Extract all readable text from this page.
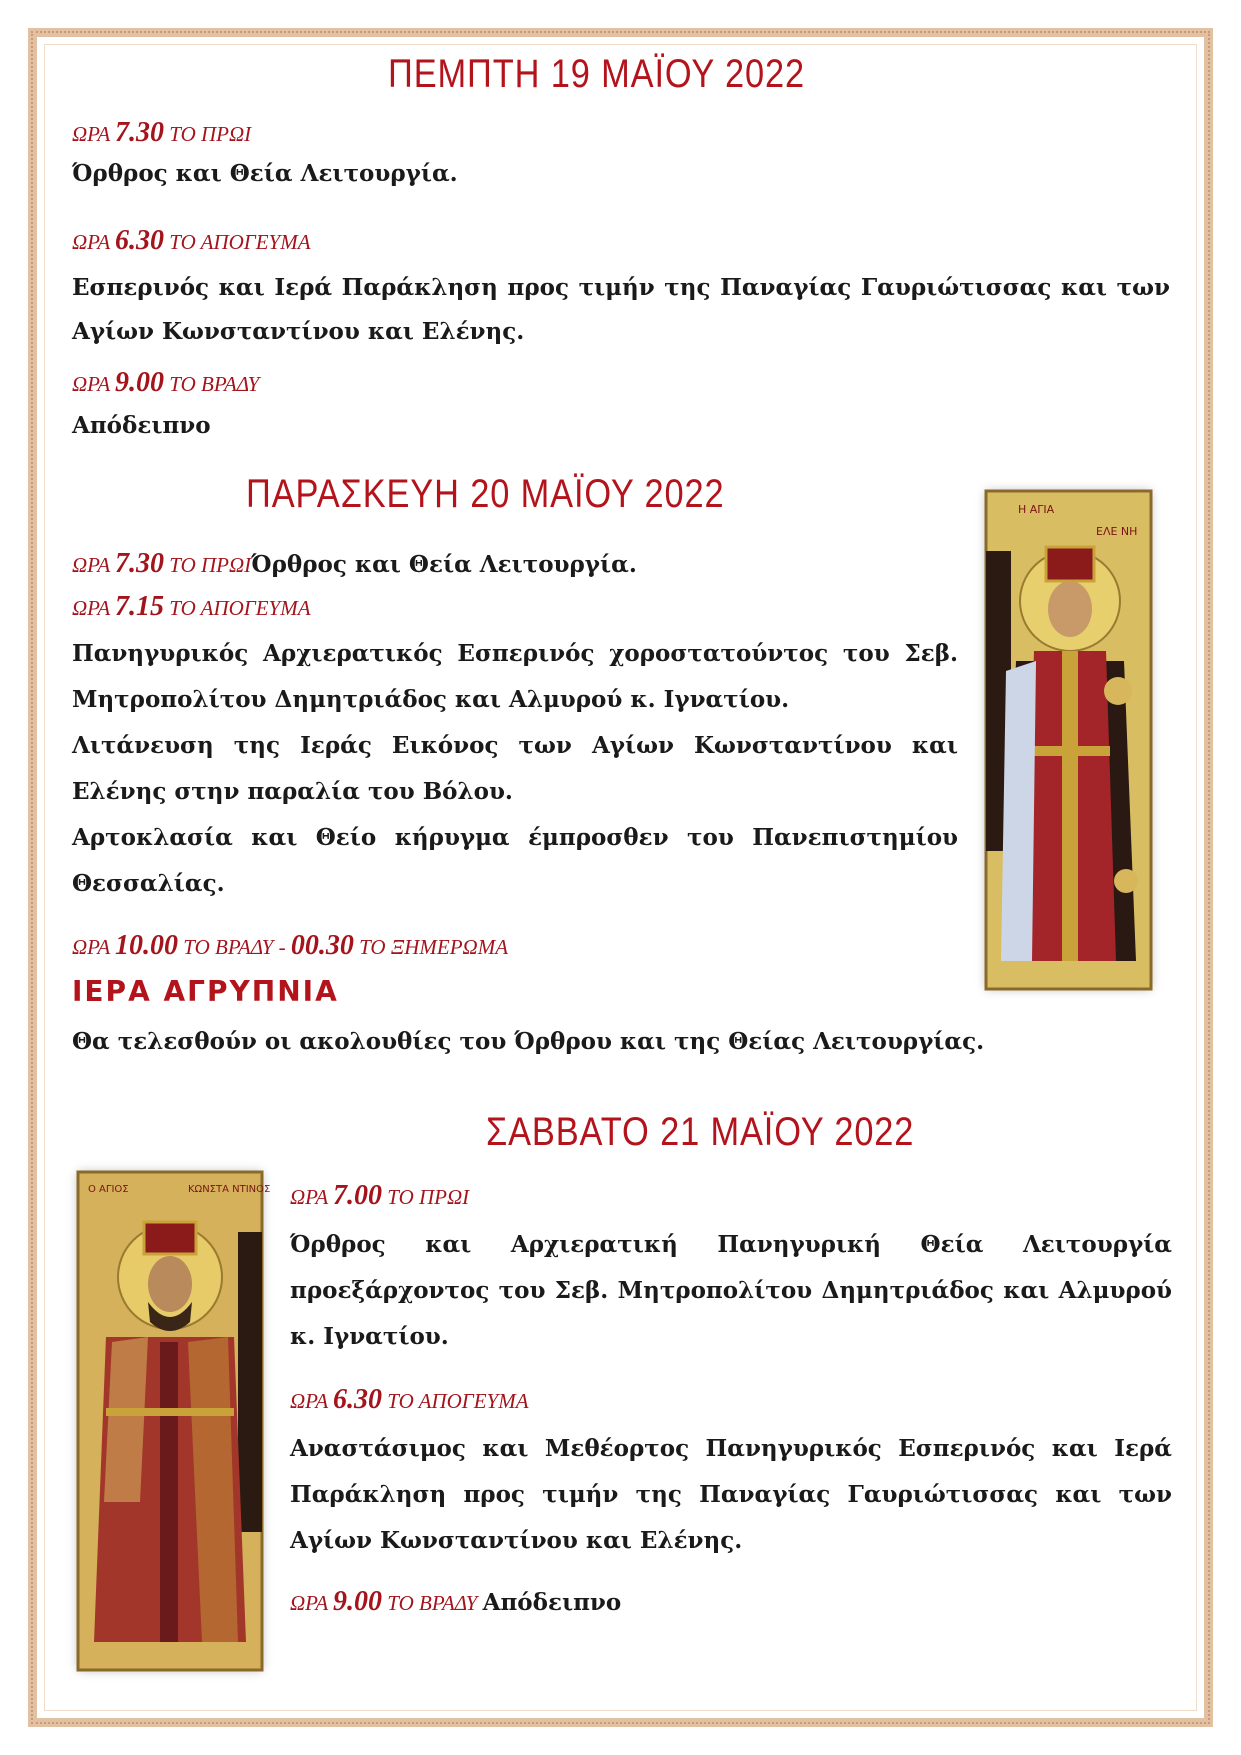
ΠΕΜΠΤΗ 19 ΜΑΪΟΥ 2022

ΩΡΑ 7.30 ΤΟ ΠΡΩΙ

Όρθρος και Θεία Λειτουργία.

ΩΡΑ 6.30 ΤΟ ΑΠΟΓΕΥΜΑ

Εσπερινός και Ιερά Παράκληση προς τιμήν της Παναγίας Γαυριώτισσας και των Αγίων Κωνσταντίνου και Ελένης.

ΩΡΑ 9.00 ΤΟ ΒΡΑΔΥ

Απόδειπνο

ΠΑΡΑΣΚΕΥΗ 20 ΜΑΪΟΥ 2022

ΩΡΑ 7.30 ΤΟ ΠΡΩΙΌρθρος και Θεία Λειτουργία.

ΩΡΑ 7.15 ΤΟ ΑΠΟΓΕΥΜΑ

Πανηγυρικός Αρχιερατικός Εσπερινός χοροστατούντος του Σεβ. Μητροπολίτου Δημητριάδος και Αλμυρού κ. Ιγνατίου.
Λιτάνευση της Ιεράς Εικόνος των Αγίων Κωνσταντίνου και Ελένης στην παραλία του Βόλου.
Αρτοκλασία και Θείο κήρυγμα έμπροσθεν του Πανεπιστημίου Θεσσαλίας.

ΩΡΑ 10.00 ΤΟ ΒΡΑΔΥ - 00.30 ΤΟ ΞΗΜΕΡΩΜΑ

ΙΕΡΑ ΑΓΡΥΠΝΙΑ

Θα τελεσθούν οι ακολουθίες του Όρθρου και της Θείας Λειτουργίας.

Η ΑΓΙΑ
ΕΛΕ ΝΗ
ΣΑΒΒΑΤΟ 21 ΜΑΪΟΥ 2022

ΩΡΑ 7.00 ΤΟ ΠΡΩΙ

Όρθρος και Αρχιερατική Πανηγυρική Θεία Λειτουργία προεξάρχοντος του Σεβ. Μητροπολίτου Δημητριάδος και Αλμυρού κ. Ιγνατίου.

ΩΡΑ 6.30 ΤΟ ΑΠΟΓΕΥΜΑ

Αναστάσιμος και Μεθέορτος Πανηγυρικός Εσπερινός και Ιερά Παράκληση προς τιμήν της Παναγίας Γαυριώτισσας και των Αγίων Κωνσταντίνου και Ελένης.

ΩΡΑ 9.00 ΤΟ ΒΡΑΔΥ Απόδειπνο

Ο ΑΓΙΟΣ	ΚΩΝΣΤΑ ΝΤΙΝΟΣ
